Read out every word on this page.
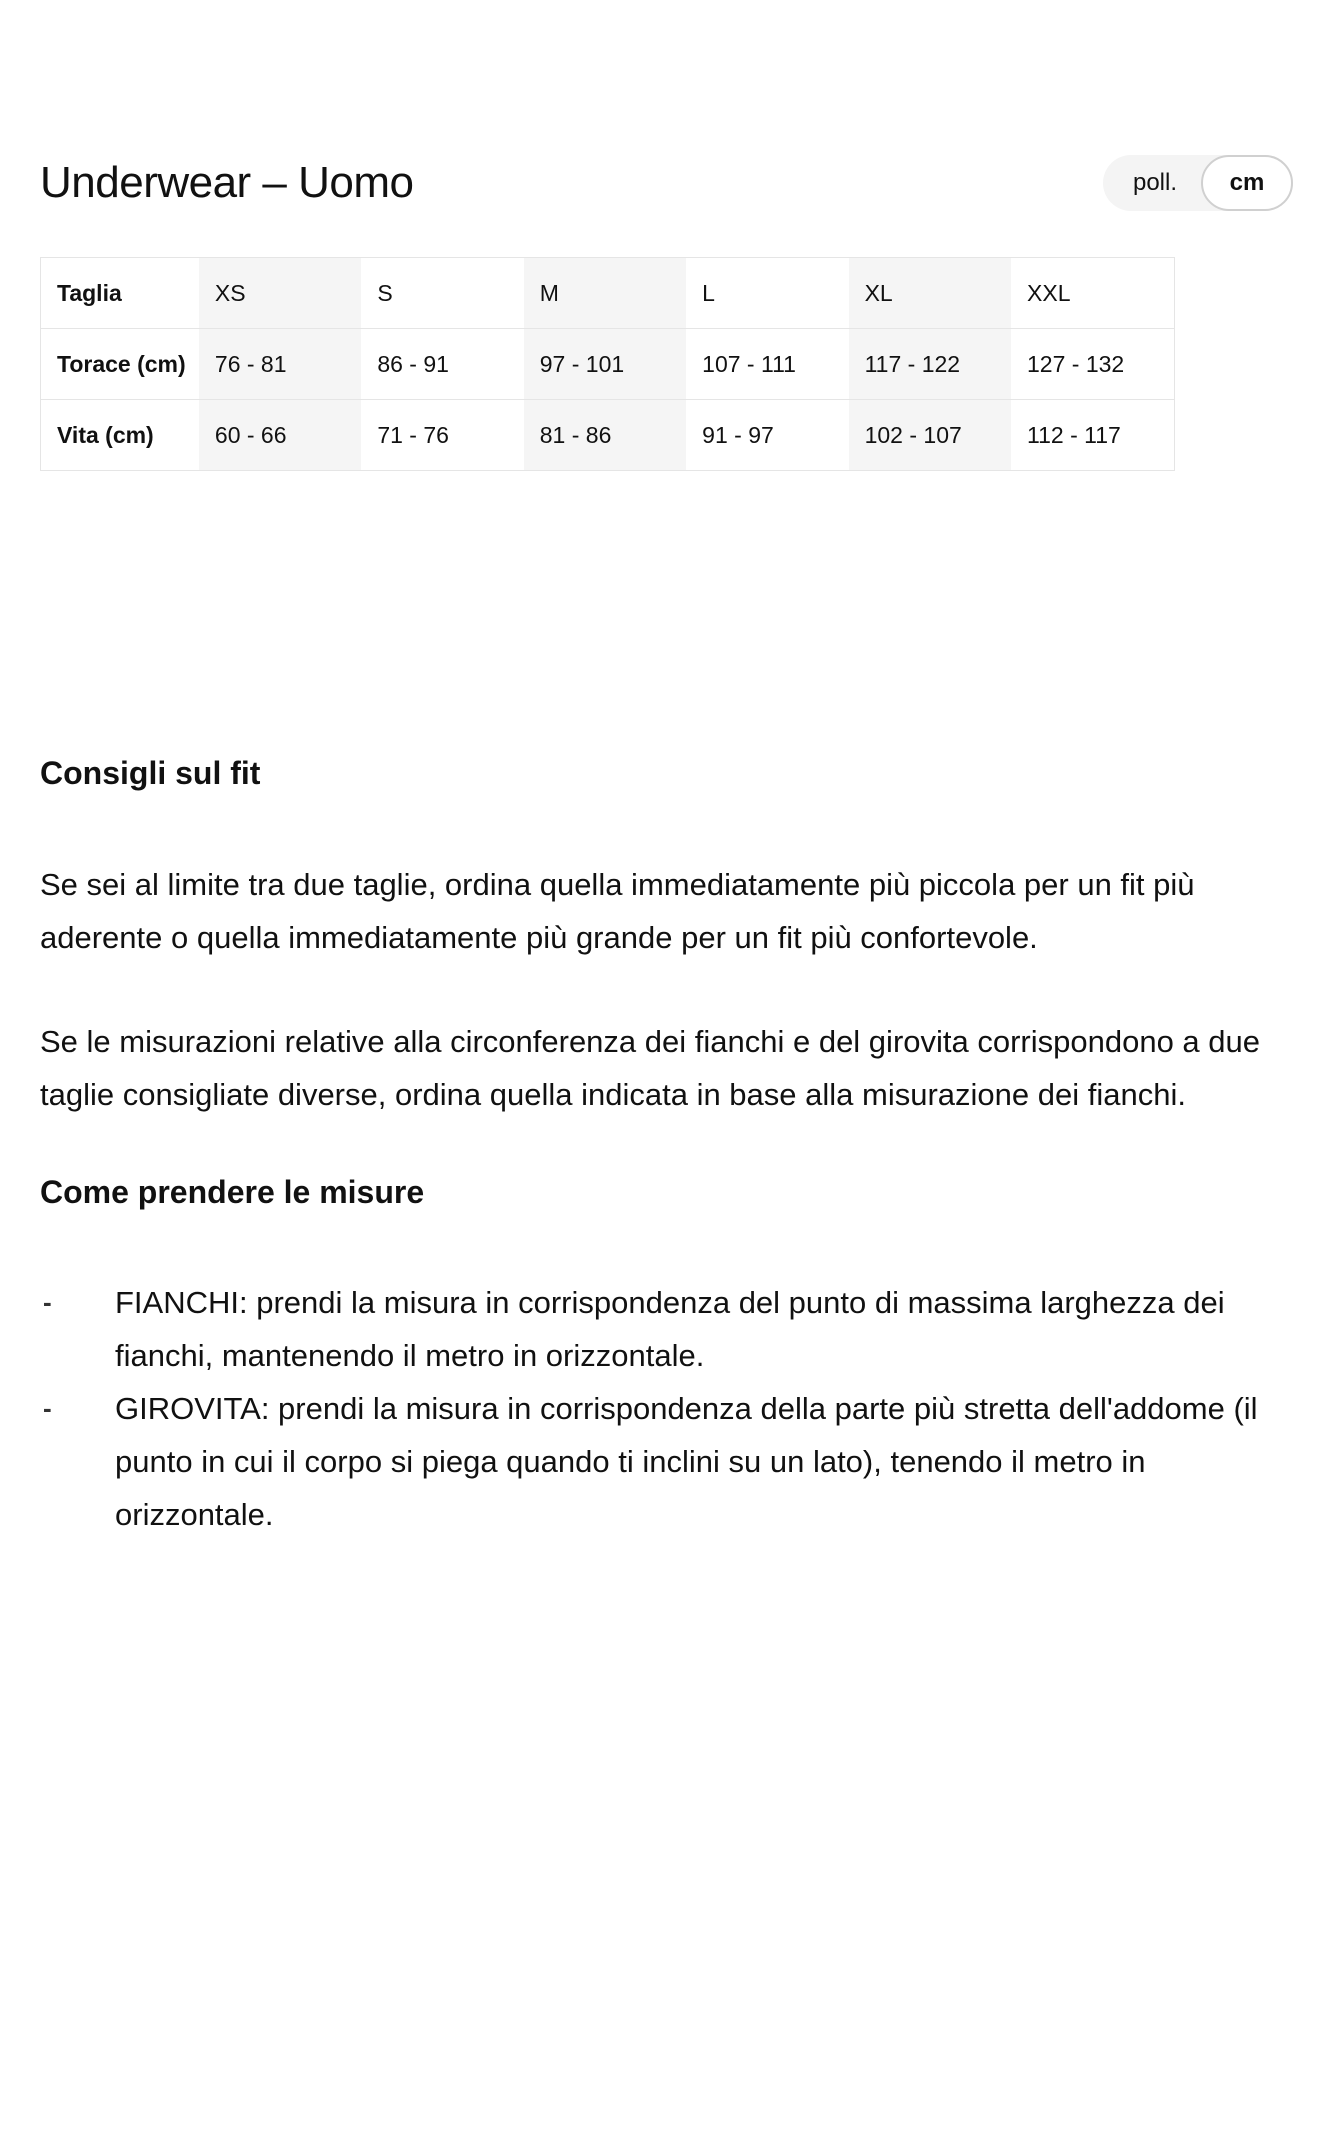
Underwear – Uomo	poll.	cm
Taglia	XS	S	M	L	XL	XXL
Torace (cm)	76 - 81	86 - 91	97 - 101	107 - 111	117 - 122	127 - 132
Vita (cm)	60 - 66	71 - 76	81 - 86	91 - 97	102 - 107	112 - 117
Consigli sul fit

Se sei al limite tra due taglie, ordina quella immediatamente più piccola per un fit più aderente o quella immediatamente più grande per un fit più confortevole.

Se le misurazioni relative alla circonferenza dei fianchi e del girovita corrispondono a due taglie consigliate diverse, ordina quella indicata in base alla misurazione dei fianchi.

Come prendere le misure
-	FIANCHI: prendi la misura in corrispondenza del punto di massima larghezza dei fianchi, mantenendo il metro in orizzontale.
-	GIROVITA: prendi la misura in corrispondenza della parte più stretta dell'addome (il punto in cui il corpo si piega quando ti inclini su un lato), tenendo il metro in orizzontale.
